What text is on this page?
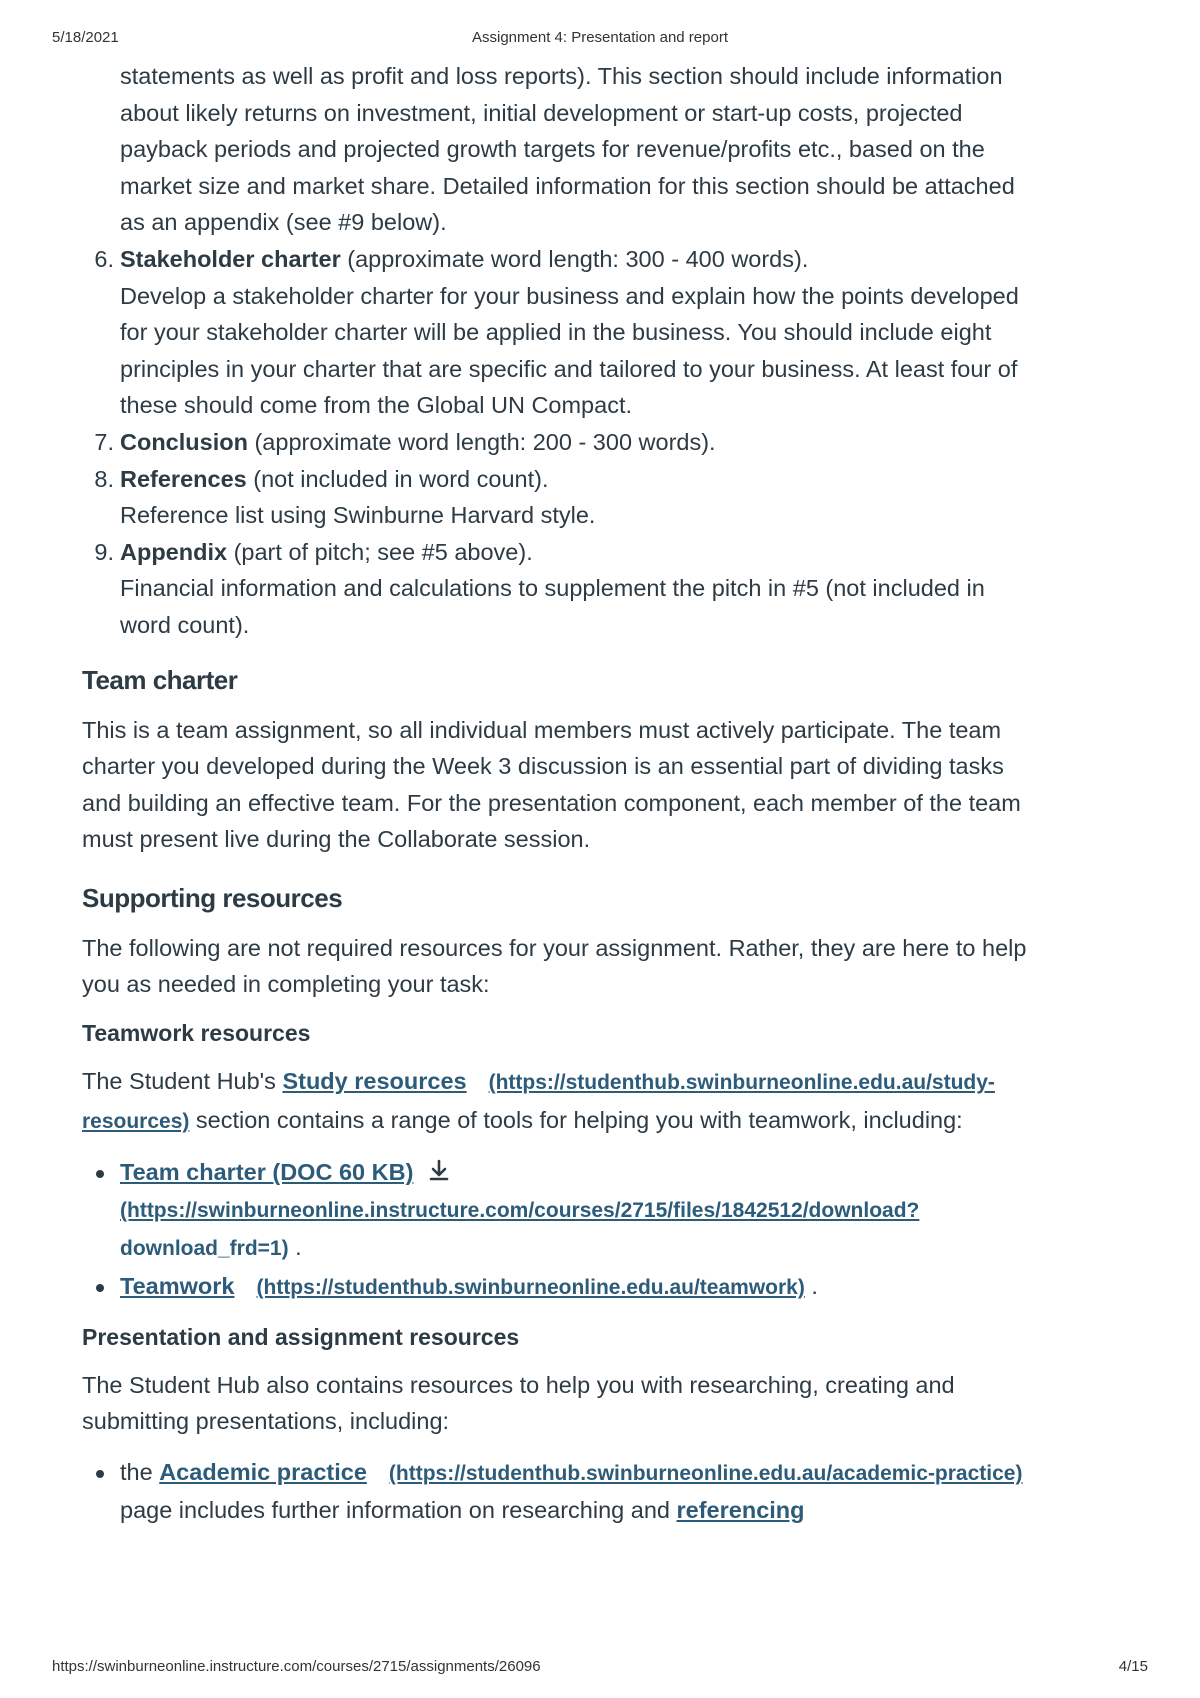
5/18/2021	Assignment 4: Presentation and report
statements as well as profit and loss reports). This section should include information
about likely returns on investment, initial development or start-up costs, projected
payback periods and projected growth targets for revenue/profits etc., based on the
market size and market share. Detailed information for this section should be attached
as an appendix (see #9 below).
6. Stakeholder charter (approximate word length: 300 - 400 words).
Develop a stakeholder charter for your business and explain how the points developed
for your stakeholder charter will be applied in the business. You should include eight
principles in your charter that are specific and tailored to your business. At least four of
these should come from the Global UN Compact.
7. Conclusion (approximate word length: 200 - 300 words).
8. References (not included in word count).
Reference list using Swinburne Harvard style.
9. Appendix (part of pitch; see #5 above).
Financial information and calculations to supplement the pitch in #5 (not included in
word count).
Team charter
This is a team assignment, so all individual members must actively participate. The team
charter you developed during the Week 3 discussion is an essential part of dividing tasks
and building an effective team. For the presentation component, each member of the team
must present live during the Collaborate session.
Supporting resources
The following are not required resources for your assignment. Rather, they are here to help
you as needed in completing your task:
Teamwork resources
The Student Hub's Study resources (https://studenthub.swinburneonline.edu.au/study-
resources) section contains a range of tools for helping you with teamwork, including:
Team charter (DOC 60 KB)
(https://swinburneonline.instructure.com/courses/2715/files/1842512/download?
download_frd=1) .
Teamwork (https://studenthub.swinburneonline.edu.au/teamwork) .
Presentation and assignment resources
The Student Hub also contains resources to help you with researching, creating and
submitting presentations, including:
the Academic practice (https://studenthub.swinburneonline.edu.au/academic-practice)
page includes further information on researching and referencing
https://swinburneonline.instructure.com/courses/2715/assignments/26096	4/15
